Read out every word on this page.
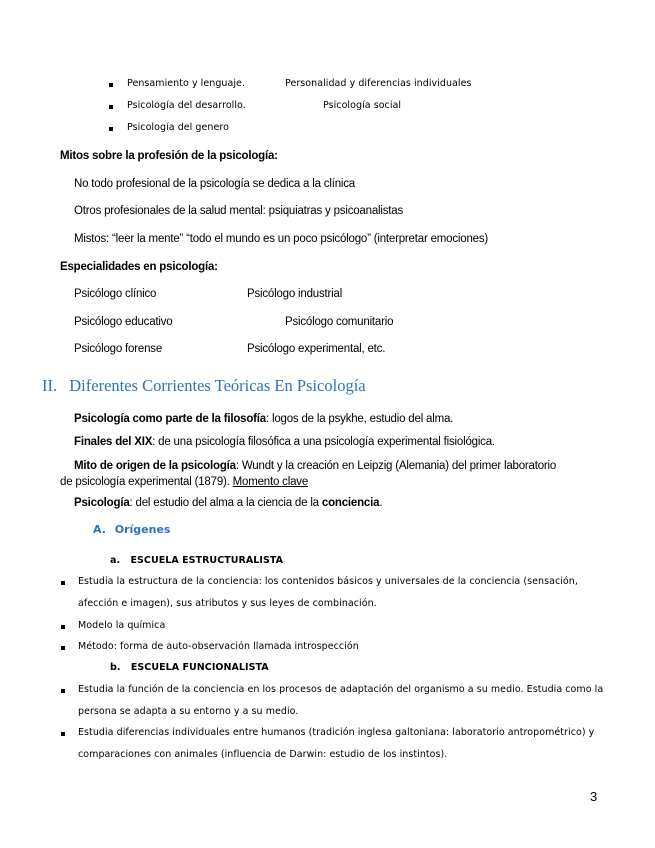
Pensamiento y lenguaje.	Personalidad y diferencias individuales
Psicología del desarrollo.	Psicología social
Psicología del genero
Mitos sobre la profesión de la psicología:
No todo profesional de la psicología se dedica a la clínica
Otros profesionales de la salud mental: psiquiatras y psicoanalistas
Mistos: “leer la mente” “todo el mundo es un poco psicólogo” (interpretar emociones)
Especialidades en psicología:
Psicólogo clínico	Psicólogo industrial
Psicólogo educativo	Psicólogo comunitario
Psicólogo forense	Psicólogo experimental, etc.
II. Diferentes Corrientes Teóricas En Psicología
Psicología como parte de la filosofía: logos de la psykhe, estudio del alma.
Finales del XIX: de una psicología filosófica a una psicología experimental fisiológica.
Mito de origen de la psicología: Wundt y la creación en Leipzig (Alemania) del primer laboratorio
de psicología experimental (1879). Momento clave
Psicología: del estudio del alma a la ciencia de la conciencia.
A. Orígenes
a. ESCUELA ESTRUCTURALISTA
Estudia la estructura de la conciencia: los contenidos básicos y universales de la conciencia (sensación,
afección e imagen), sus atributos y sus leyes de combinación.
Modelo la química
Método: forma de auto-observación llamada introspección
b. ESCUELA FUNCIONALISTA
Estudia la función de la conciencia en los procesos de adaptación del organismo a su medio. Estudia como la
persona se adapta a su entorno y a su medio.
Estudia diferencias individuales entre humanos (tradición inglesa galtoniana: laboratorio antropométrico) y
comparaciones con animales (influencia de Darwin: estudio de los instintos).
3
